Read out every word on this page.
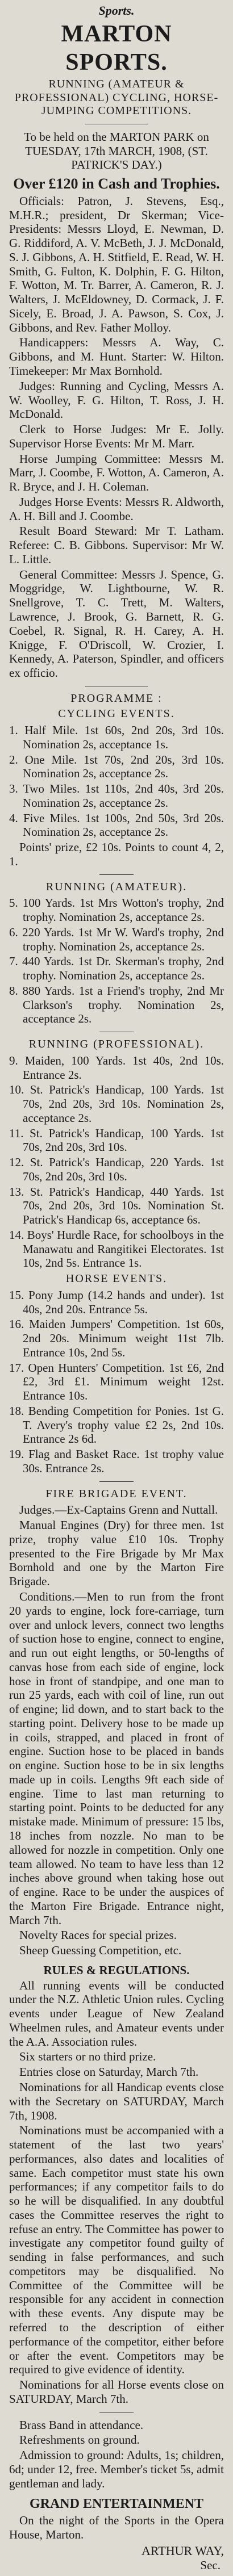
Sports.
MARTON SPORTS.
RUNNING (AMATEUR & PROFESSIONAL) CYCLING, HORSE-JUMPING COMPETITIONS.
To be held on the MARTON PARK on TUESDAY, 17th MARCH, 1908, (ST. PATRICK'S DAY.)
Over £120 in Cash and Trophies.
Officials: Patron, J. Stevens, Esq., M.H.R.; president, Dr Skerman; Vice-Presidents: Messrs Lloyd, E. Newman, D. G. Riddiford, A. V. McBeth, J. J. McDonald, S. J. Gibbons, A. H. Stitfield, E. Read, W. H. Smith, G. Fulton, K. Dolphin, F. G. Hilton, F. Wotton, M. Tr. Barrer, A. Cameron, R. J. Walters, J. McEldowney, D. Cormack, J. F. Sicely, E. Broad, J. A. Pawson, S. Cox, J. Gibbons, and Rev. Father Molloy.
Handicappers: Messrs A. Way, C. Gibbons, and M. Hunt. Starter: W. Hilton. Timekeeper: Mr Max Bornhold.
Judges: Running and Cycling, Messrs A. W. Woolley, F. G. Hilton, T. Ross, J. H. McDonald.
Clerk to Horse Judges: Mr E. Jolly. Supervisor Horse Events: Mr M. Marr.
Horse Jumping Committee: Messrs M. Marr, J. Coombe, F. Wotton, A. Cameron, A. R. Bryce, and J. H. Coleman.
Judges Horse Events: Messrs R. Aldworth, A. H. Bill and J. Coombe.
Result Board Steward: Mr T. Latham. Referee: C. B. Gibbons. Supervisor: Mr W. L. Little.
General Committee: Messrs J. Spence, G. Moggridge, W. Lightbourne, W. R. Snellgrove, T. C. Trett, M. Walters, Lawrence, J. Brook, G. Barnett, R. G. Coebel, R. Signal, R. H. Carey, A. H. Knigge, F. O'Driscoll, W. Crozier, I. Kennedy, A. Paterson, Spindler, and officers ex officio.
PROGRAMME :
CYCLING EVENTS.
1. Half Mile. 1st 60s, 2nd 20s, 3rd 10s. Nomination 2s, acceptance 1s.
2. One Mile. 1st 70s, 2nd 20s, 3rd 10s. Nomination 2s, acceptance 2s.
3. Two Miles. 1st 110s, 2nd 40s, 3rd 20s. Nomination 2s, acceptance 2s.
4. Five Miles. 1st 100s, 2nd 50s, 3rd 20s. Nomination 2s, acceptance 2s.
Points' prize, £2 10s. Points to count 4, 2, 1.
RUNNING (AMATEUR).
5. 100 Yards. 1st Mrs Wotton's trophy, 2nd trophy. Nomination 2s, acceptance 2s.
6. 220 Yards. 1st Mr W. Ward's trophy, 2nd trophy. Nomination 2s, acceptance 2s.
7. 440 Yards. 1st Dr. Skerman's trophy, 2nd trophy. Nomination 2s, acceptance 2s.
8. 880 Yards. 1st a Friend's trophy, 2nd Mr Clarkson's trophy. Nomination 2s, acceptance 2s.
RUNNING (PROFESSIONAL).
9. Maiden, 100 Yards. 1st 40s, 2nd 10s. Entrance 2s.
10. St. Patrick's Handicap, 100 Yards. 1st 70s, 2nd 20s, 3rd 10s. Nomination 2s, acceptance 2s.
11. St. Patrick's Handicap, 100 Yards. 1st 70s, 2nd 20s, 3rd 10s.
12. St. Patrick's Handicap, 220 Yards. 1st 70s, 2nd 20s, 3rd 10s.
13. St. Patrick's Handicap, 440 Yards. 1st 70s, 2nd 20s, 3rd 10s. Nomination St. Patrick's Handicap 6s, acceptance 6s.
14. Boys' Hurdle Race, for schoolboys in the Manawatu and Rangitikei Electorates. 1st 10s, 2nd 5s. Entrance 1s.
HORSE EVENTS.
15. Pony Jump (14.2 hands and under). 1st 40s, 2nd 20s. Entrance 5s.
16. Maiden Jumpers' Competition. 1st 60s, 2nd 20s. Minimum weight 11st 7lb. Entrance 10s, 2nd 5s.
17. Open Hunters' Competition. 1st £6, 2nd £2, 3rd £1. Minimum weight 12st. Entrance 10s.
18. Bending Competition for Ponies. 1st G. T. Avery's trophy value £2 2s, 2nd 10s. Entrance 2s 6d.
19. Flag and Basket Race. 1st trophy value 30s. Entrance 2s.
FIRE BRIGADE EVENT.
Judges.—Ex-Captains Grenn and Nuttall.
Manual Engines (Dry) for three men. 1st prize, trophy value £10 10s. Trophy presented to the Fire Brigade by Mr Max Bornhold and one by the Marton Fire Brigade.
Conditions.—Men to run from the front 20 yards to engine, lock fore-carriage, turn over and unlock levers, connect two lengths of suction hose to engine, connect to engine, and run out eight lengths, or 50-lengths of canvas hose from each side of engine, lock hose in front of standpipe, and one man to run 25 yards, each with coil of line, run out of engine; lid down, and to start back to the starting point. Delivery hose to be made up in coils, strapped, and placed in front of engine. Suction hose to be placed in bands on engine. Suction hose to be in six lengths made up in coils. Lengths 9ft each side of engine. Time to last man returning to starting point. Points to be deducted for any mistake made. Minimum of pressure: 15 lbs, 18 inches from nozzle. No man to be allowed for nozzle in competition. Only one team allowed. No team to have less than 12 inches above ground when taking hose out of engine. Race to be under the auspices of the Marton Fire Brigade. Entrance night, March 7th.
Novelty Races for special prizes.
Sheep Guessing Competition, etc.
RULES & REGULATIONS.
All running events will be conducted under the N.Z. Athletic Union rules. Cycling events under League of New Zealand Wheelmen rules, and Amateur events under the A.A. Association rules.
Six starters or no third prize.
Entries close on Saturday, March 7th.
Nominations for all Handicap events close with the Secretary on SATURDAY, March 7th, 1908.
Nominations must be accompanied with a statement of the last two years' performances, also dates and localities of same. Each competitor must state his own performances; if any competitor fails to do so he will be disqualified. In any doubtful cases the Committee reserves the right to refuse an entry. The Committee has power to investigate any competitor found guilty of sending in false performances, and such competitors may be disqualified. No Committee of the Committee will be responsible for any accident in connection with these events. Any dispute may be referred to the description of either performance of the competitor, either before or after the event. Competitors may be required to give evidence of identity.
Nominations for all Horse events close on SATURDAY, March 7th.
Brass Band in attendance.
Refreshments on ground.
Admission to ground: Adults, 1s; children, 6d; under 12, free. Member's ticket 5s, admit gentleman and lady.
GRAND ENTERTAINMENT
On the night of the Sports in the Opera House, Marton.
ARTHUR WAY,
Sec.
